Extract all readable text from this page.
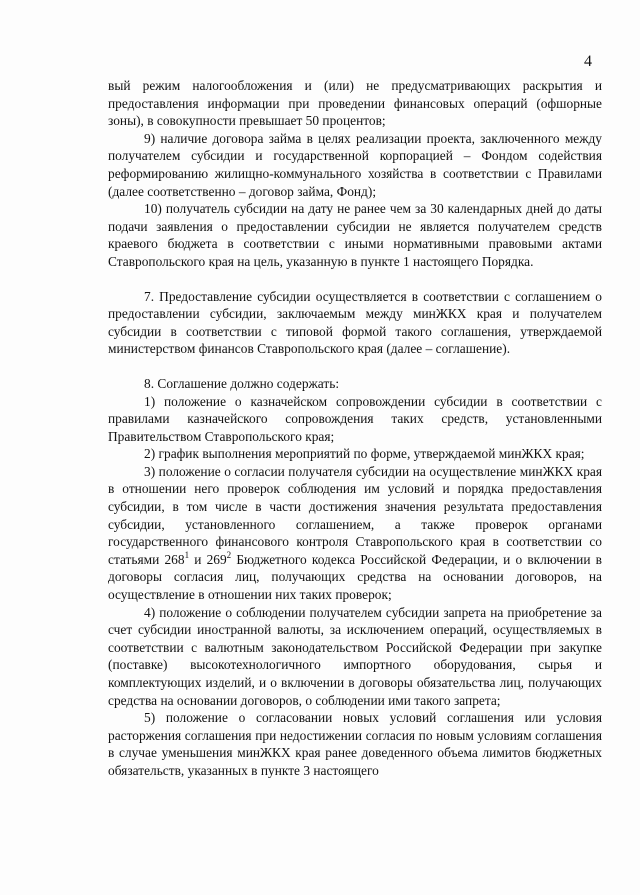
4

вый режим налогообложения и (или) не предусматривающих раскрытия и предоставления информации при проведении финансовых операций (офшорные зоны), в совокупности превышает 50 процентов;

9) наличие договора займа в целях реализации проекта, заключенного между получателем субсидии и государственной корпорацией – Фондом содействия реформированию жилищно-коммунального хозяйства в соответствии с Правилами (далее соответственно – договор займа, Фонд);

10) получатель субсидии на дату не ранее чем за 30 календарных дней до даты подачи заявления о предоставлении субсидии не является получателем средств краевого бюджета в соответствии с иными нормативными правовыми актами Ставропольского края на цель, указанную в пункте 1 настоящего Порядка.

7. Предоставление субсидии осуществляется в соответствии с соглашением о предоставлении субсидии, заключаемым между минЖКХ края и получателем субсидии в соответствии с типовой формой такого соглашения, утверждаемой министерством финансов Ставропольского края (далее – соглашение).

8. Соглашение должно содержать:

1) положение о казначейском сопровождении субсидии в соответствии с правилами казначейского сопровождения таких средств, установленными Правительством Ставропольского края;

2) график выполнения мероприятий по форме, утверждаемой минЖКХ края;

3) положение о согласии получателя субсидии на осуществление минЖКХ края в отношении него проверок соблюдения им условий и порядка предоставления субсидии, в том числе в части достижения значения результата предоставления субсидии, установленного соглашением, а также проверок органами государственного финансового контроля Ставропольского края в соответствии со статьями $268^1$ и $269^2$ Бюджетного кодекса Российской Федерации, и о включении в договоры согласия лиц, получающих средства на основании договоров, на осуществление в отношении них таких проверок;

4) положение о соблюдении получателем субсидии запрета на приобретение за счет субсидии иностранной валюты, за исключением операций, осуществляемых в соответствии с валютным законодательством Российской Федерации при закупке (поставке) высокотехнологичного импортного оборудования, сырья и комплектующих изделий, и о включении в договоры обязательства лиц, получающих средства на основании договоров, о соблюдении ими такого запрета;

5) положение о согласовании новых условий соглашения или условия расторжения соглашения при недостижении согласия по новым условиям соглашения в случае уменьшения минЖКХ края ранее доведенного объема лимитов бюджетных обязательств, указанных в пункте 3 настоящего
